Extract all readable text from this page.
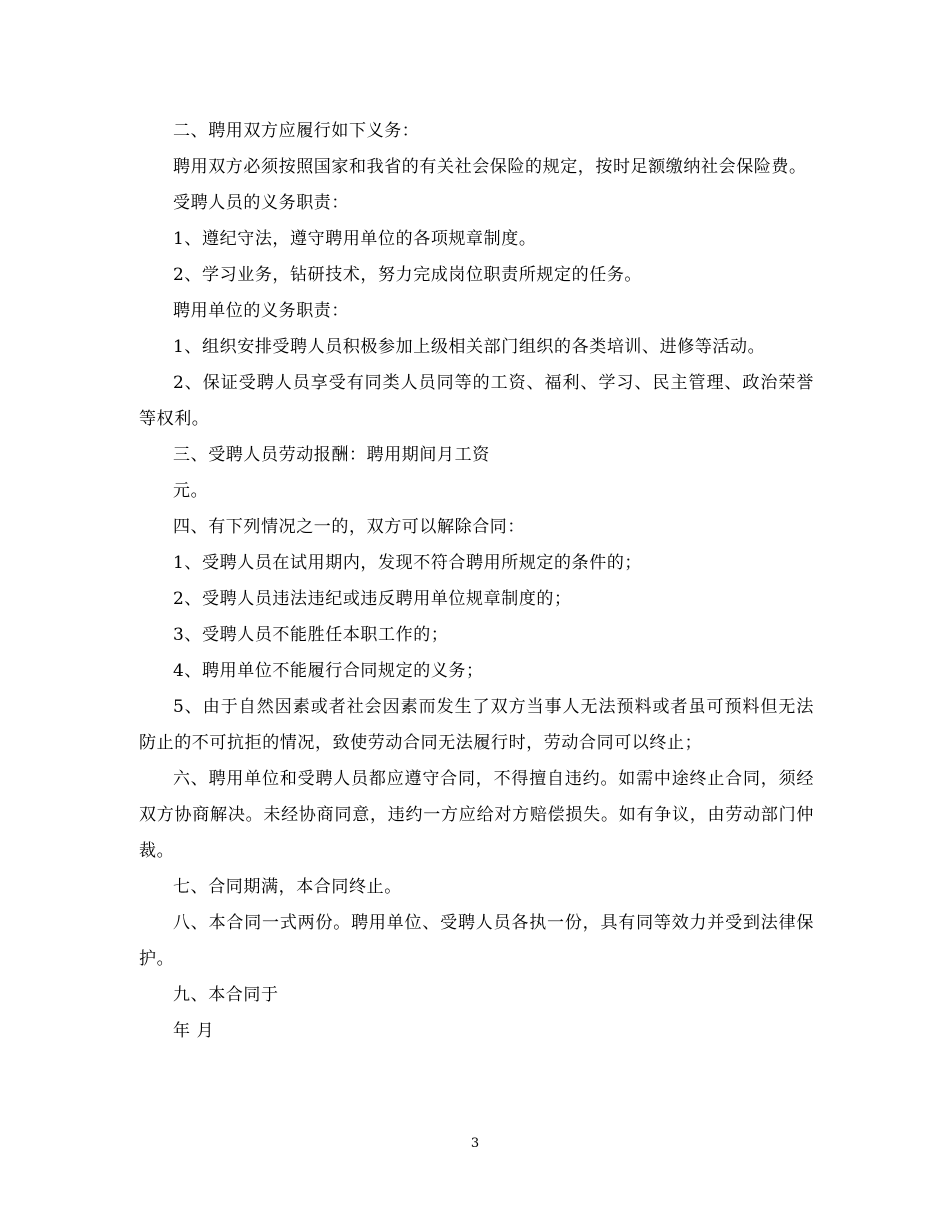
二、聘用双方应履行如下义务：

聘用双方必须按照国家和我省的有关社会保险的规定，按时足额缴纳社会保险费。

受聘人员的义务职责：

1、遵纪守法，遵守聘用单位的各项规章制度。

2、学习业务，钻研技术，努力完成岗位职责所规定的任务。

聘用单位的义务职责：

1、组织安排受聘人员积极参加上级相关部门组织的各类培训、进修等活动。

2、保证受聘人员享受有同类人员同等的工资、福利、学习、民主管理、政治荣誉等权利。

三、受聘人员劳动报酬：聘用期间月工资

元。

四、有下列情况之一的，双方可以解除合同：

1、受聘人员在试用期内，发现不符合聘用所规定的条件的；

2、受聘人员违法违纪或违反聘用单位规章制度的；

3、受聘人员不能胜任本职工作的；

4、聘用单位不能履行合同规定的义务；

5、由于自然因素或者社会因素而发生了双方当事人无法预料或者虽可预料但无法防止的不可抗拒的情况，致使劳动合同无法履行时，劳动合同可以终止；

六、聘用单位和受聘人员都应遵守合同，不得擅自违约。如需中途终止合同，须经双方协商解决。未经协商同意，违约一方应给对方赔偿损失。如有争议，由劳动部门仲裁。

七、合同期满，本合同终止。

八、本合同一式两份。聘用单位、受聘人员各执一份，具有同等效力并受到法律保护。

九、本合同于

年 月

3
